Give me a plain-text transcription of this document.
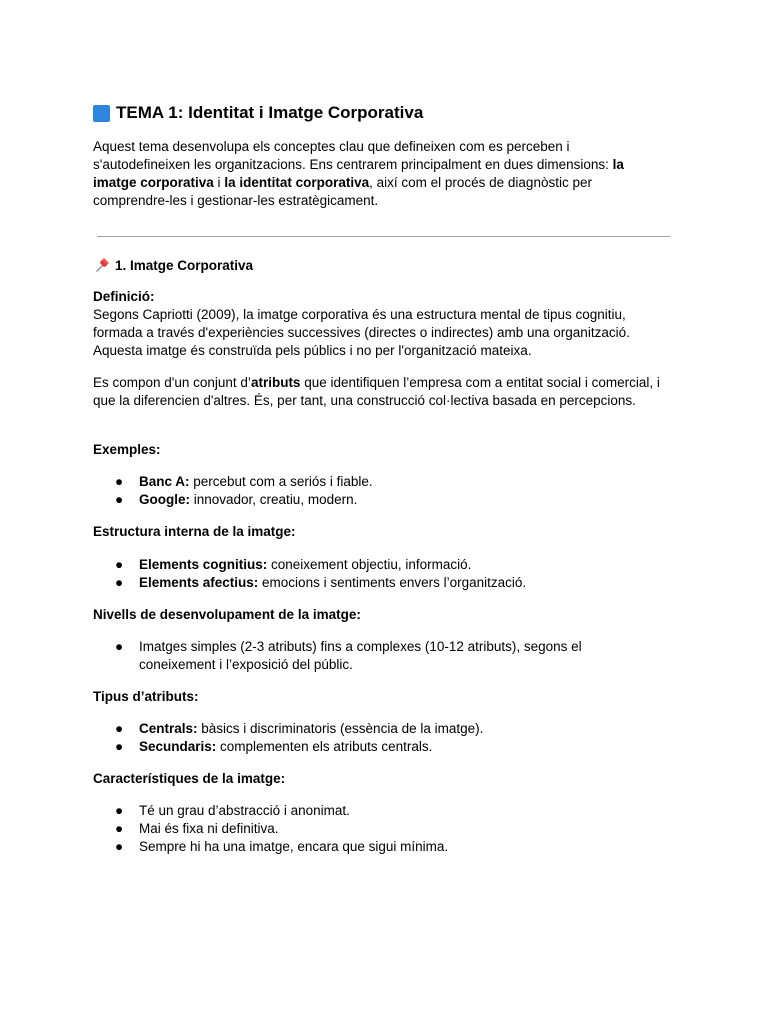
TEMA 1: Identitat i Imatge Corporativa
Aquest tema desenvolupa els conceptes clau que defineixen com es perceben i s'autodefineixen les organitzacions. Ens centrarem principalment en dues dimensions: la imatge corporativa i la identitat corporativa, així com el procés de diagnòstic per comprendre-les i gestionar-les estratègicament.
1. Imatge Corporativa
Definició:
Segons Capriotti (2009), la imatge corporativa és una estructura mental de tipus cognitiu, formada a través d'experiències successives (directes o indirectes) amb una organització. Aquesta imatge és construïda pels públics i no per l'organització mateixa.
Es compon d'un conjunt d’atributs que identifiquen l’empresa com a entitat social i comercial, i que la diferencien d'altres. És, per tant, una construcció col·lectiva basada en percepcions.
Exemples:
● Banc A: percebut com a seriós i fiable.
● Google: innovador, creatiu, modern.
Estructura interna de la imatge:
● Elements cognitius: coneixement objectiu, informació.
● Elements afectius: emocions i sentiments envers l’organització.
Nivells de desenvolupament de la imatge:
● Imatges simples (2-3 atributs) fins a complexes (10-12 atributs), segons el coneixement i l’exposició del públic.
Tipus d’atributs:
● Centrals: bàsics i discriminatoris (essència de la imatge).
● Secundaris: complementen els atributs centrals.
Característiques de la imatge:
● Té un grau d’abstracció i anonimat.
● Mai és fixa ni definitiva.
● Sempre hi ha una imatge, encara que sigui mínima.
